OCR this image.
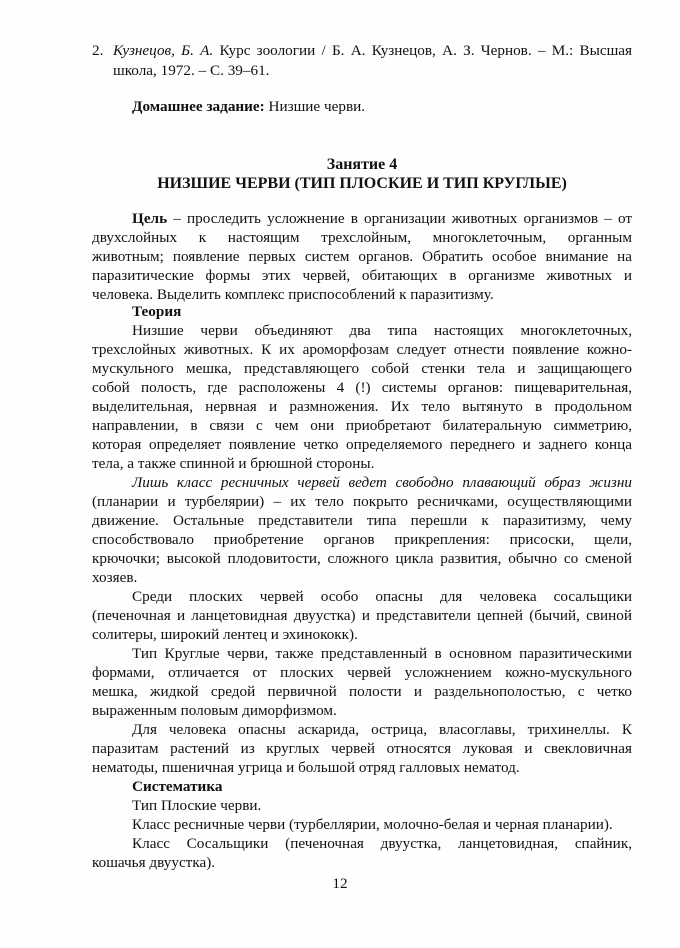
2. Кузнецов, Б. А. Курс зоологии / Б. А. Кузнецов, А. З. Чернов. – М.: Высшая
школа, 1972. – С. 39–61.
Домашнее задание: Низшие черви.
Занятие 4
НИЗШИЕ ЧЕРВИ (ТИП ПЛОСКИЕ И ТИП КРУГЛЫЕ)
Цель – проследить усложнение в организации животных организмов – от
двухслойных к настоящим трехслойным, многоклеточным, органным
животным; появление первых систем органов. Обратить особое внимание на
паразитические формы этих червей, обитающих в организме животных и
человека. Выделить комплекс приспособлений к паразитизму.
Теория
Низшие черви объединяют два типа настоящих многоклеточных,
трехслойных животных. К их ароморфозам следует отнести появление кожно-
мускульного мешка, представляющего собой стенки тела и защищающего
собой полость, где расположены 4 (!) системы органов: пищеварительная,
выделительная, нервная и размножения. Их тело вытянуто в продольном
направлении, в связи с чем они приобретают билатеральную симметрию,
которая определяет появление четко определяемого переднего и заднего конца
тела, а также спинной и брюшной стороны.
Лишь класс ресничных червей ведет свободно плавающий образ жизни
(планарии и турбелярии) – их тело покрыто ресничками, осуществляющими
движение. Остальные представители типа перешли к паразитизму, чему
способствовало приобретение органов прикрепления: присоски, щели,
крючочки; высокой плодовитости, сложного цикла развития, обычно со сменой
хозяев.
Среди плоских червей особо опасны для человека сосальщики
(печеночная и ланцетовидная двуустка) и представители цепней (бычий, свиной
солитеры, широкий лентец и эхинококк).
Тип Круглые черви, также представленный в основном паразитическими
формами, отличается от плоских червей усложнением кожно-мускульного
мешка, жидкой средой первичной полости и раздельнополостью, с четко
выраженным половым диморфизмом.
Для человека опасны аскарида, острица, власоглавы, трихинеллы. К
паразитам растений из круглых червей относятся луковая и свекловичная
нематоды, пшеничная угрица и большой отряд галловых нематод.
Систематика
Тип Плоские черви.
Класс ресничные черви (турбеллярии, молочно-белая и черная планарии).
Класс Сосальщики (печеночная двуустка, ланцетовидная, спайник,
кошачья двуустка).
12
